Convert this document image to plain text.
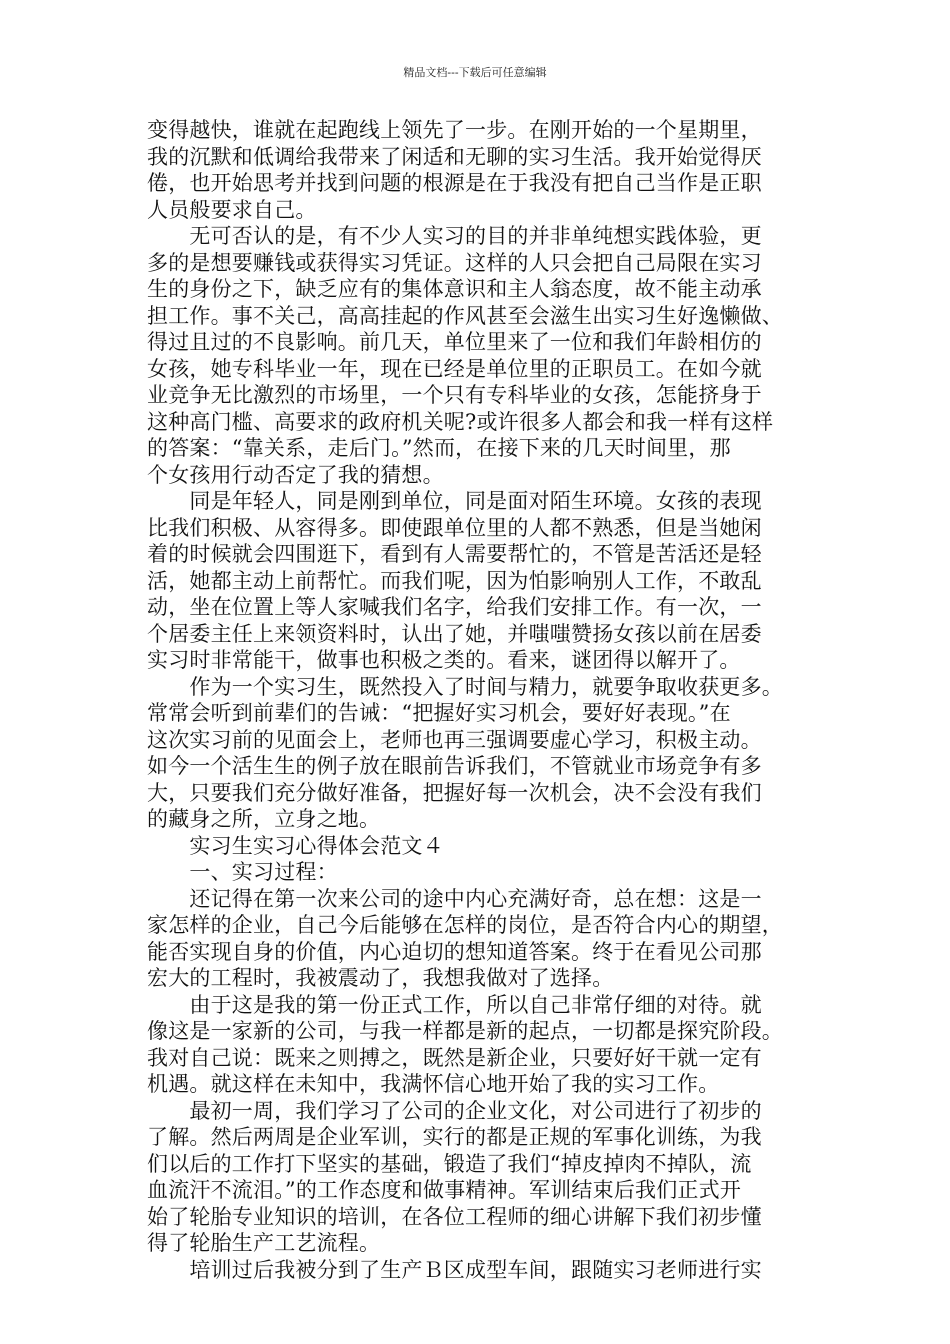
精品文档---下载后可任意编辑
变得越快，谁就在起跑线上领先了一步。在刚开始的一个星期里，
我的沉默和低调给我带来了闲适和无聊的实习生活。我开始觉得厌
倦，也开始思考并找到问题的根源是在于我没有把自己当作是正职
人员般要求自己。
　　无可否认的是，有不少人实习的目的并非单纯想实践体验，更
多的是想要赚钱或获得实习凭证。这样的人只会把自己局限在实习
生的身份之下，缺乏应有的集体意识和主人翁态度，故不能主动承
担工作。事不关己，高高挂起的作风甚至会滋生出实习生好逸懒做、
得过且过的不良影响。前几天，单位里来了一位和我们年龄相仿的
女孩，她专科毕业一年，现在已经是单位里的正职员工。在如今就
业竞争无比激烈的市场里，一个只有专科毕业的女孩，怎能挤身于
这种高门槛、高要求的政府机关呢?或许很多人都会和我一样有这样
的答案：“靠关系，走后门。”然而，在接下来的几天时间里，那
个女孩用行动否定了我的猜想。
　　同是年轻人，同是刚到单位，同是面对陌生环境。女孩的表现
比我们积极、从容得多。即使跟单位里的人都不熟悉，但是当她闲
着的时候就会四围逛下，看到有人需要帮忙的，不管是苦活还是轻
活，她都主动上前帮忙。而我们呢，因为怕影响别人工作，不敢乱
动，坐在位置上等人家喊我们名字，给我们安排工作。有一次，一
个居委主任上来领资料时，认出了她，并嗤嗤赞扬女孩以前在居委
实习时非常能干，做事也积极之类的。看来，谜团得以解开了。
　　作为一个实习生，既然投入了时间与精力，就要争取收获更多。
常常会听到前辈们的告诫：“把握好实习机会，要好好表现。”在
这次实习前的见面会上，老师也再三强调要虚心学习，积极主动。
如今一个活生生的例子放在眼前告诉我们，不管就业市场竞争有多
大，只要我们充分做好准备，把握好每一次机会，决不会没有我们
的藏身之所，立身之地。
　　实习生实习心得体会范文４
　　一、实习过程：
　　还记得在第一次来公司的途中内心充满好奇，总在想：这是一
家怎样的企业，自己今后能够在怎样的岗位，是否符合内心的期望，
能否实现自身的价值，内心迫切的想知道答案。终于在看见公司那
宏大的工程时，我被震动了，我想我做对了选择。
　　由于这是我的第一份正式工作，所以自己非常仔细的对待。就
像这是一家新的公司，与我一样都是新的起点，一切都是探究阶段。
我对自己说：既来之则搏之，既然是新企业，只要好好干就一定有
机遇。就这样在未知中，我满怀信心地开始了我的实习工作。
　　最初一周，我们学习了公司的企业文化，对公司进行了初步的
了解。然后两周是企业军训，实行的都是正规的军事化训练，为我
们以后的工作打下坚实的基础，锻造了我们“掉皮掉肉不掉队，流
血流汗不流泪。”的工作态度和做事精神。军训结束后我们正式开
始了轮胎专业知识的培训，在各位工程师的细心讲解下我们初步懂
得了轮胎生产工艺流程。
　　培训过后我被分到了生产Ｂ区成型车间，跟随实习老师进行实
